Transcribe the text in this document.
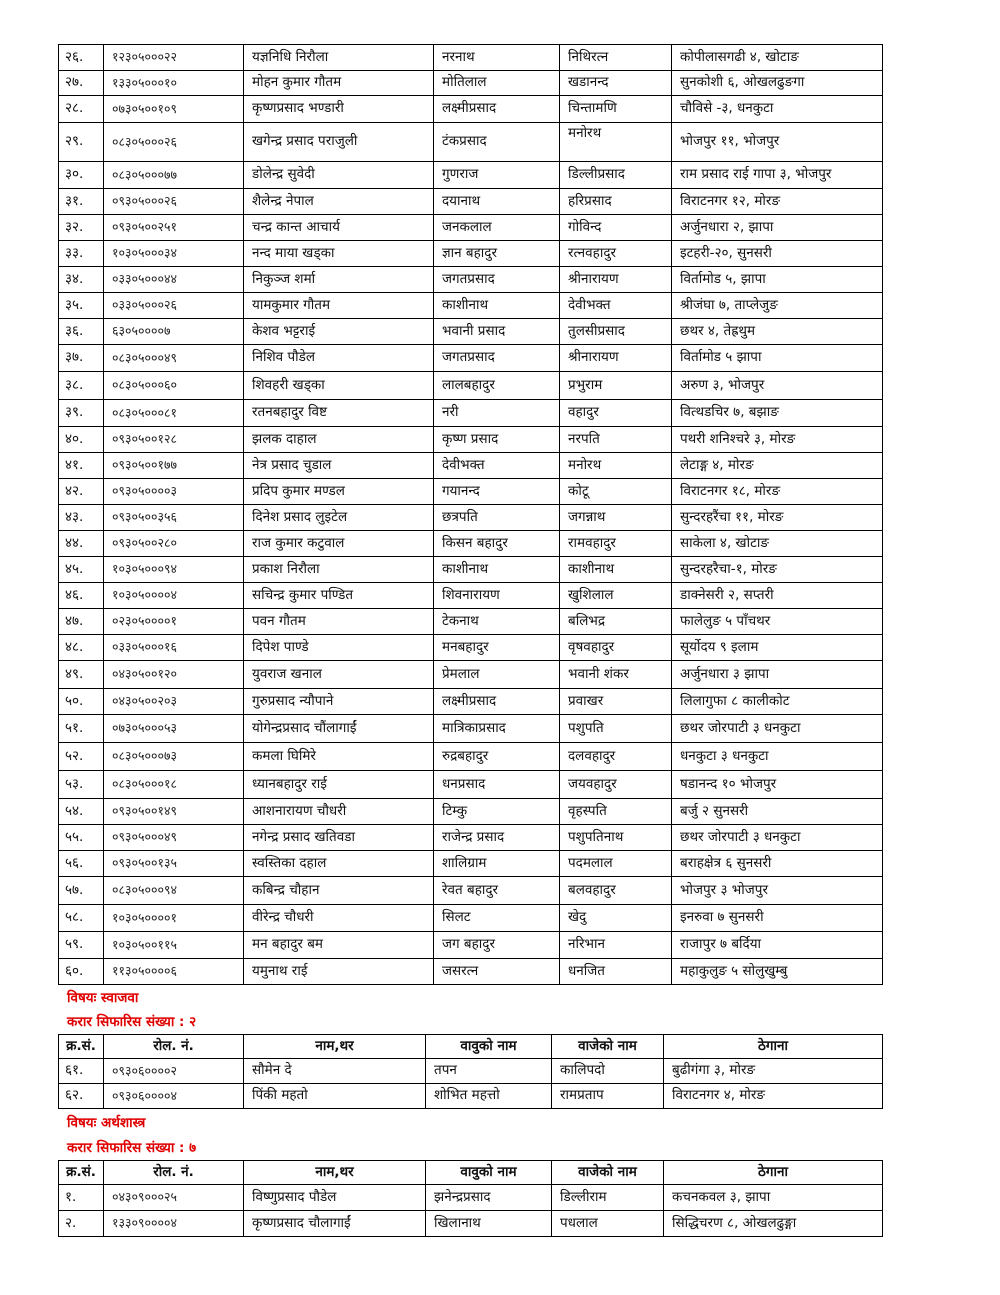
२६.	१२३०५०००२२	यज्ञनिधि निरौला	नरनाथ	निथिरत्न	कोपीलासगढी ४, खोटाङ
२७.	१३३०५०००१०	मोहन कुमार गौतम	मोतिलाल	खडानन्द	सुनकोशी ६, ओखलढुङगा
२८.	०७३०५००१०९	कृष्णप्रसाद भण्डारी	लक्ष्मीप्रसाद	चिन्तामणि	चौविसे -३, धनकुटा
२९.	०८३०५०००२६	खगेन्द्र प्रसाद पराजुली	टंकप्रसाद	मनोरथ	भोजपुर ११, भोजपुर
३०.	०८३०५०००७७	डोलेन्द्र सुवेदी	गुणराज	डिल्लीप्रसाद	राम प्रसाद राई गापा ३, भोजपुर
३१.	०९३०५०००२६	शैलेन्द्र नेपाल	दयानाथ	हरिप्रसाद	विराटनगर १२, मोरङ
३२.	०९३०५००२५१	चन्द्र कान्त आचार्य	जनकलाल	गोविन्द	अर्जुनधारा २, झापा
३३.	१०३०५०००३४	नन्द माया खड्का	ज्ञान बहादुर	रत्नवहादुर	इटहरी-२०, सुनसरी
३४.	०३३०५०००४४	निकुञ्ज शर्मा	जगतप्रसाद	श्रीनारायण	विर्तामोड ५, झापा
३५.	०३३०५०००२६	यामकुमार गौतम	काशीनाथ	देवीभक्त	श्रीजंघा ७, ताप्लेजुङ
३६.	६३०५००००७	केशव भट्टराई	भवानी प्रसाद	तुलसीप्रसाद	छथर ४, तेह्रथुम
३७.	०८३०५०००४९	निशिव पौडेल	जगतप्रसाद	श्रीनारायण	विर्तामोड ५ झापा
३८.	०८३०५०००६०	शिवहरी खड्का	लालबहादुर	प्रभुराम	अरुण ३, भोजपुर
३९.	०८३०५०००८१	रतनबहादुर विष्ट	नरी	वहादुर	वित्थडचिर ७, बझाङ
४०.	०९३०५००१२८	झलक दाहाल	कृष्ण प्रसाद	नरपति	पथरी शनिश्चरे ३, मोरङ
४१.	०९३०५००१७७	नेत्र प्रसाद चुडाल	देवीभक्त	मनोरथ	लेटाङ्ग ४, मोरङ
४२.	०९३०५००००३	प्रदिप कुमार मण्डल	गयानन्द	कोटू	विराटनगर १८, मोरङ
४३.	०९३०५००३५६	दिनेश प्रसाद लुइटेल	छत्रपति	जगन्नाथ	सुन्दरहरैंचा ११, मोरङ
४४.	०९३०५००२८०	राज कुमार कटुवाल	किसन बहादुर	रामवहादुर	साकेला ४, खोटाङ
४५.	१०३०५०००९४	प्रकाश निरौला	काशीनाथ	काशीनाथ	सुन्दरहरैचा-१, मोरङ
४६.	१०३०५००००४	सचिन्द्र कुमार पण्डित	शिवनारायण	खुशिलाल	डाक्नेसरी २, सप्तरी
४७.	०२३०५००००१	पवन गौतम	टेकनाथ	बलिभद्र	फालेलुङ ५ पाँचथर
४८.	०३३०५०००१६	दिपेश पाण्डे	मनबहादुर	वृषवहादुर	सूर्योदय ९ इलाम
४९.	०४३०५००१२०	युवराज खनाल	प्रेमलाल	भवानी शंकर	अर्जुनधारा ३ झापा
५०.	०४३०५००२०३	गुरुप्रसाद न्यौपाने	लक्ष्मीप्रसाद	प्रवाखर	लिलागुफा ८ कालीकोट
५१.	०७३०५०००५३	योगेन्द्रप्रसाद चौंलागाईं	मात्रिकाप्रसाद	पशुपति	छथर जोरपाटी ३ धनकुटा
५२.	०८३०५०००७३	कमला घिमिरे	रुद्रबहादुर	दलवहादुर	धनकुटा ३ धनकुटा
५३.	०८३०५०००१८	ध्यानबहादुर राई	धनप्रसाद	जयवहादुर	षडानन्द १० भोजपुर
५४.	०९३०५००१४९	आशनारायण चौधरी	टिम्कु	वृहस्पति	बर्जु २ सुनसरी
५५.	०९३०५०००४९	नगेन्द्र प्रसाद खतिवडा	राजेन्द्र प्रसाद	पशुपतिनाथ	छथर जोरपाटी ३ धनकुटा
५६.	०९३०५००१३५	स्वस्तिका दहाल	शालिग्राम	पदमलाल	बराहक्षेत्र ६ सुनसरी
५७.	०८३०५०००९४	कबिन्द्र चौहान	रेवत बहादुर	बलवहादुर	भोजपुर ३ भोजपुर
५८.	१०३०५००००१	वीरेन्द्र चौधरी	सिलट	खेदु	इनरुवा ७ सुनसरी
५९.	१०३०५००११५	मन बहादुर बम	जग बहादुर	नरिभान	राजापुर ७ बर्दिया
६०.	११३०५००००६	यमुनाथ राई	जसरत्न	धनजित	महाकुलुङ ५ सोलुखुम्बु
विषयः स्वाजवा
करार सिफारिस संख्या : २
क्र.सं.	रोल. नं.	नाम,थर	वावुको नाम	वाजेको नाम	ठेगाना
६१.	०९३०६००००२	सौमेन दे	तपन	कालिपदो	बुढीगंगा ३, मोरङ
६२.	०९३०६००००४	पिंकी महतो	शोभित महत्तो	रामप्रताप	विराटनगर ४, मोरङ
विषयः अर्थशास्त्र
करार सिफारिस संख्या : ७
क्र.सं.	रोल. नं.	नाम,थर	वावुको नाम	वाजेको नाम	ठेगाना
१.	०४३०९०००२५	विष्णुप्रसाद पौडेल	झनेन्द्रप्रसाद	डिल्लीराम	कचनकवल ३, झापा
२.	१३३०९००००४	कृष्णप्रसाद चौलागाईं	खिलानाथ	पधलाल	सिद्धिचरण ८, ओखलढुङ्गा
